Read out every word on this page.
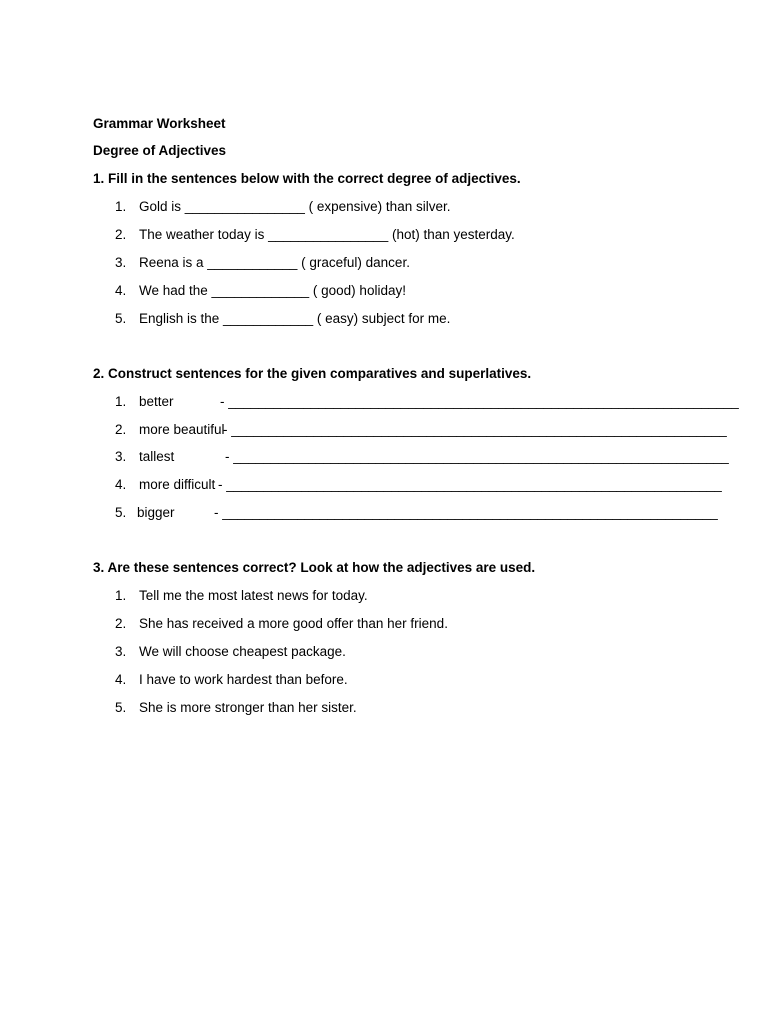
Grammar Worksheet
Degree of Adjectives
1. Fill in the sentences below with the correct degree of adjectives.
1. Gold is ________________ ( expensive) than silver.
2. The weather today is ________________ (hot) than yesterday.
3. Reena is a ____________ ( graceful) dancer.
4. We had the _____________ ( good) holiday!
5. English is the ____________ ( easy) subject for me.
2. Construct sentences for the given comparatives and superlatives.
1. better	- ____________________________________________________________________
2. more beautiful
- __________________________________________________________________
3. tallest	- __________________________________________________________________
4. more difficult - __________________________________________________________________
5. bigger	- __________________________________________________________________
3. Are these sentences correct? Look at how the adjectives are used.
1. Tell me the most latest news for today.
2. She has received a more good offer than her friend.
3. We will choose cheapest package.
4. I have to work hardest than before.
5. She is more stronger than her sister.
